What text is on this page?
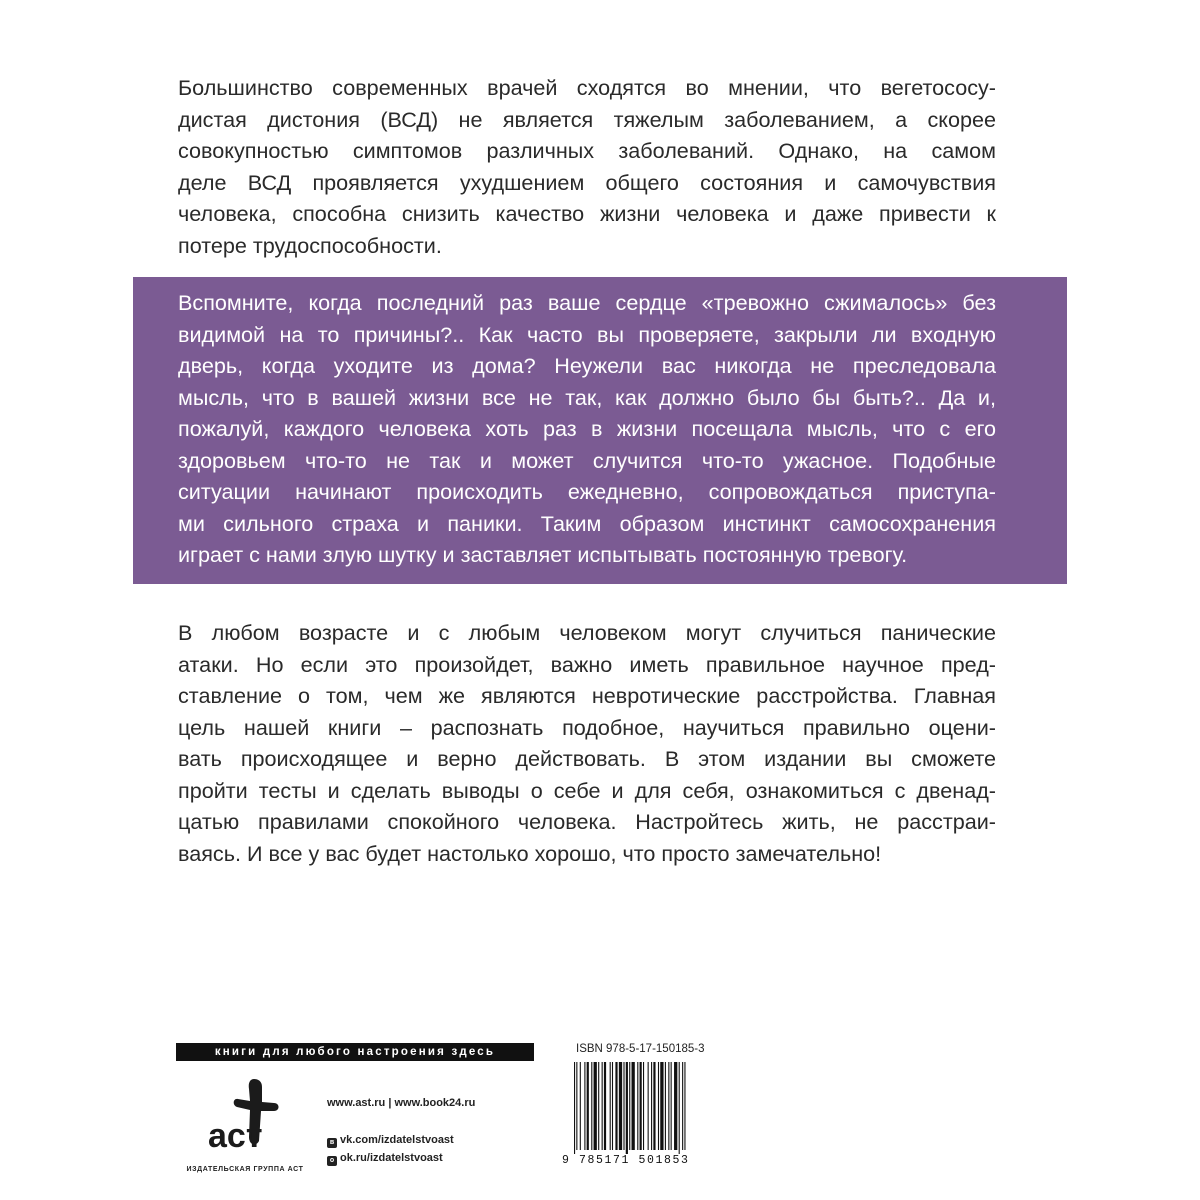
Большинство современных врачей сходятся во мнении, что вегетососу-
дистая дистония (ВСД) не является тяжелым заболеванием, а скорее
совокупностью симптомов различных заболеваний. Однако, на самом
деле ВСД проявляется ухудшением общего состояния и самочувствия
человека, способна снизить качество жизни человека и даже привести к
потере трудоспособности.
Вспомните, когда последний раз ваше сердце «тревожно сжималось» без
видимой на то причины?.. Как часто вы проверяете, закрыли ли входную
дверь, когда уходите из дома? Неужели вас никогда не преследовала
мысль, что в вашей жизни все не так, как должно было бы быть?.. Да и,
пожалуй, каждого человека хоть раз в жизни посещала мысль, что с его
здоровьем что-то не так и может случится что-то ужасное. Подобные
ситуации начинают происходить ежедневно, сопровождаться приступа-
ми сильного страха и паники. Таким образом инстинкт самосохранения
играет с нами злую шутку и заставляет испытывать постоянную тревогу.
В любом возрасте и с любым человеком могут случиться панические
атаки. Но если это произойдет, важно иметь правильное научное пред-
ставление о том, чем же являются невротические расстройства. Главная
цель нашей книги – распознать подобное, научиться правильно оцени-
вать происходящее и верно действовать. В этом издании вы сможете
пройти тесты и сделать выводы о себе и для себя, ознакомиться с двенад-
цатью правилами спокойного человека. Настройтесь жить, не расстраи-
ваясь. И все у вас будет настолько хорошо, что просто замечательно!
книги для любого настроения здесь
аст
ИЗДАТЕЛЬСКАЯ ГРУППА АСТ
www.ast.ru | www.book24.ru
в vk.com/izdatelstvoast
о ok.ru/izdatelstvoast
ISBN 978-5-17-150185-3
9 785171 501853
